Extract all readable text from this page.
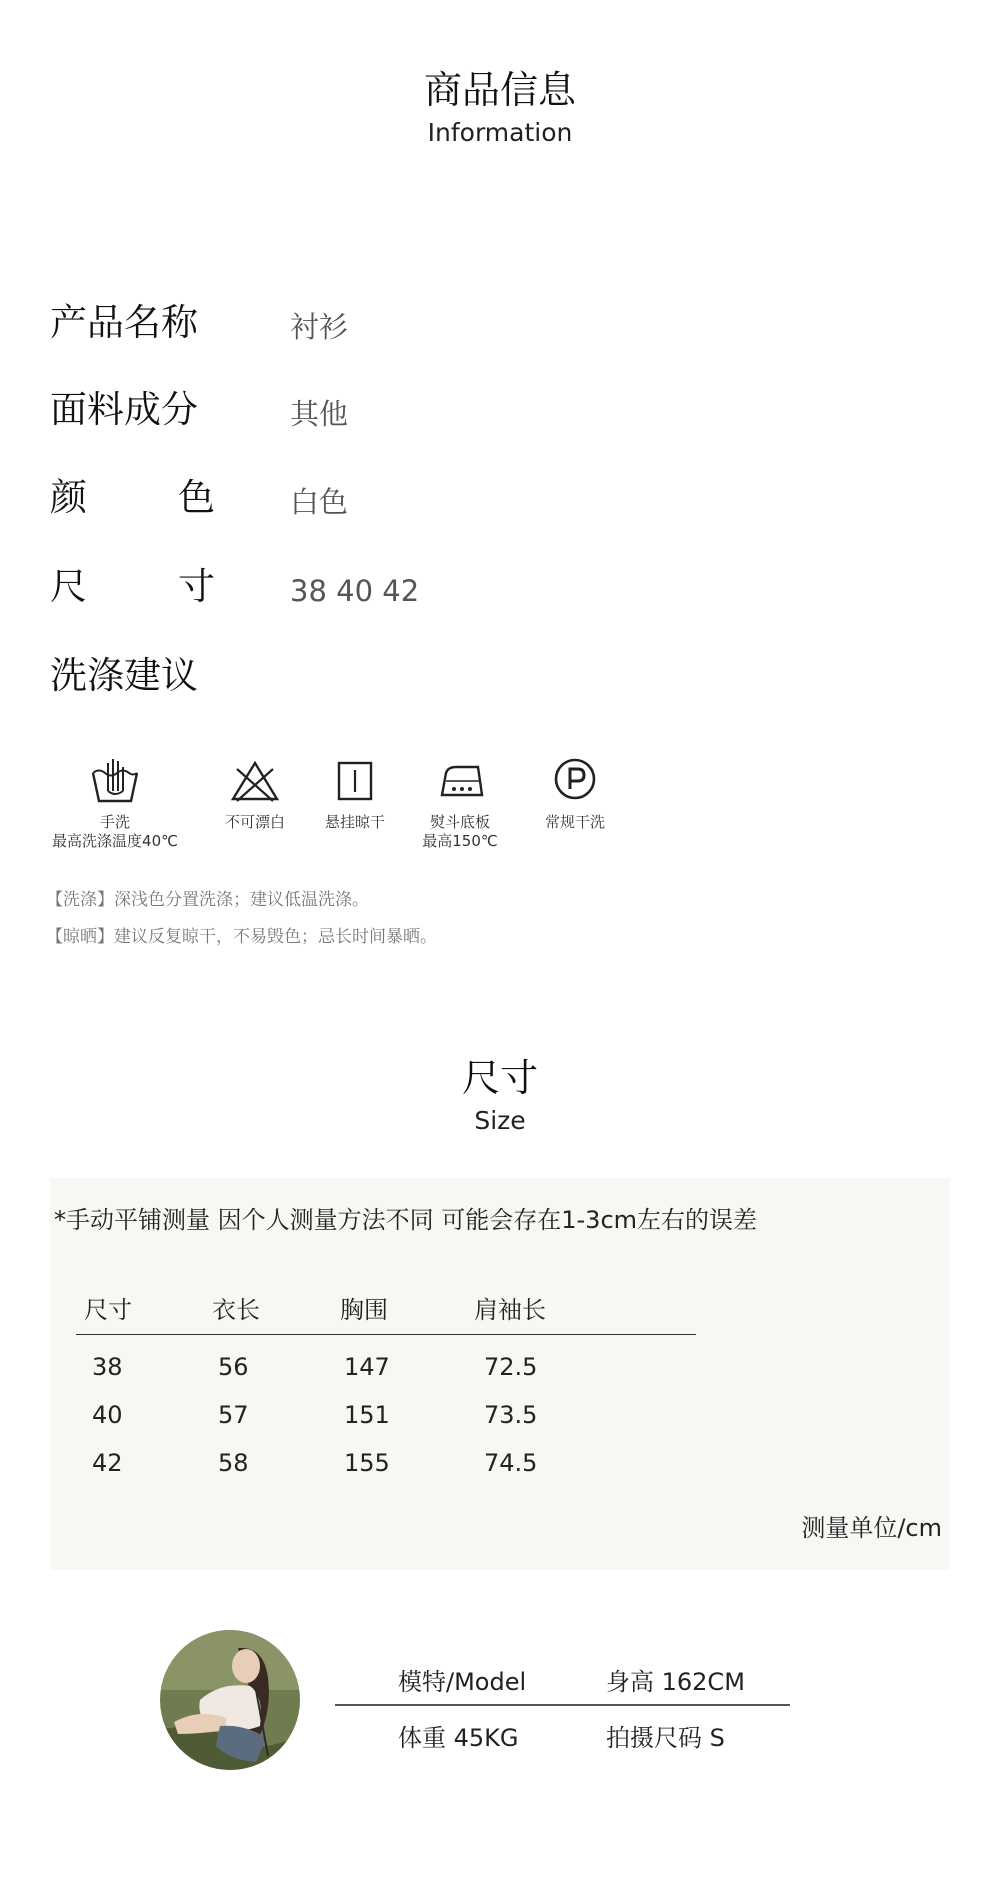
商品信息
Information
产品名称	衬衫
面料成分	其他
颜 色	白色
尺 寸	38 40 42
洗涤建议
手洗
最高洗涤温度40℃
不可漂白	悬挂晾干	熨斗底板
最高150℃
常规干洗
【洗涤】深浅色分置洗涤；建议低温洗涤。
【晾晒】建议反复晾干，不易毁色；忌长时间暴晒。
尺寸
Size
*手动平铺测量 因个人测量方法不同 可能会存在1-3cm左右的误差
尺寸	衣长	胸围	肩袖长
38	56	147	72.5
40	57	151	73.5
42	58	155	74.5
测量单位/cm
模特/Model	身高 162CM
体重 45KG	拍摄尺码 S
